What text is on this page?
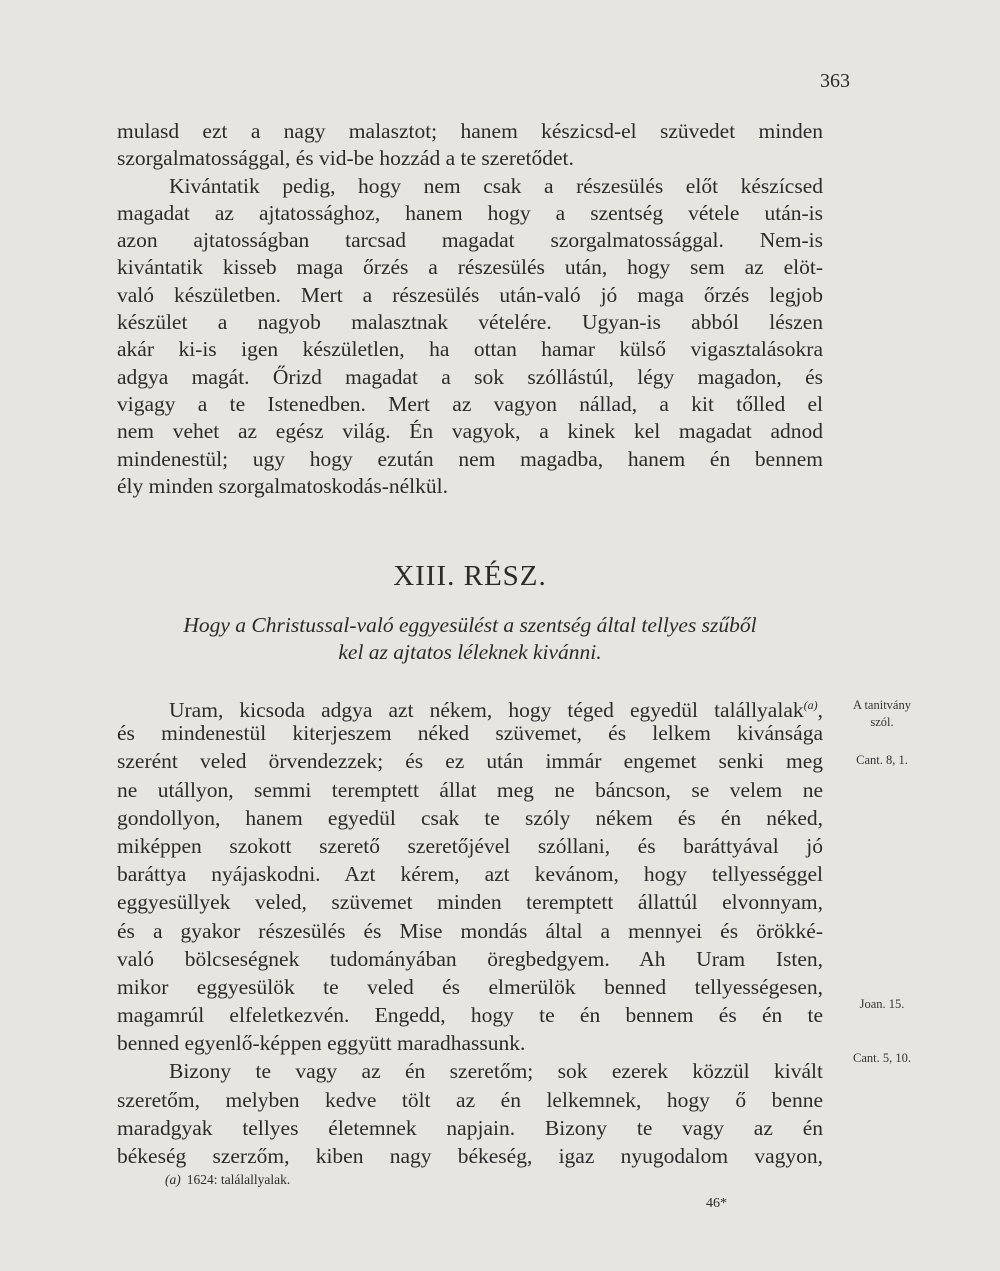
363
mulasd ezt a nagy malasztot; hanem készicsd-el szüvedet minden
szorgalmatossággal, és vid-be hozzád a te szeretődet.
Kivántatik pedig, hogy nem csak a részesülés előt készícsed
magadat az ajtatossághoz, hanem hogy a szentség vétele után-is
azon ajtatosságban tarcsad magadat szorgalmatossággal. Nem-is
kivántatik kisseb maga őrzés a részesülés után, hogy sem az elöt-
való készületben. Mert a részesülés után-való jó maga őrzés legjob
készület a nagyob malasztnak vételére. Ugyan-is abból lészen
akár ki-is igen készületlen, ha ottan hamar külső vigasztalásokra
adgya magát. Őrizd magadat a sok szóllástúl, légy magadon, és
vigagy a te Istenedben. Mert az vagyon nállad, a kit tőlled el
nem vehet az egész világ. Én vagyok, a kinek kel magadat adnod
mindenestül; ugy hogy ezután nem magadba, hanem én bennem
ély minden szorgalmatoskodás-nélkül.
XIII. RÉSZ.
Hogy a Christussal-való eggyesülést a szentség által tellyes szűből
kel az ajtatos léleknek kivánni.
Uram, kicsoda adgya azt nékem, hogy téged egyedül talállyalak$^{(a)}$,
és mindenestül kiterjeszem néked szüvemet, és lelkem kivánsága
szerént veled örvendezzek; és ez után immár engemet senki meg
ne utállyon, semmi teremptett állat meg ne báncson, se velem ne
gondollyon, hanem egyedül csak te szóly nékem és én néked,
miképpen szokott szerető szeretőjével szóllani, és baráttyával jó
baráttya nyájaskodni. Azt kérem, azt kevánom, hogy tellyességgel
eggyesüllyek veled, szüvemet minden teremptett állattúl elvonnyam,
és a gyakor részesülés és Mise mondás által a mennyei és örökké-
való bölcseségnek tudományában öregbedgyem. Ah Uram Isten,
mikor eggyesülök te veled és elmerülök benned tellyességesen,
magamrúl elfeletkezvén. Engedd, hogy te én bennem és én te
benned egyenlő-képpen eggyütt maradhassunk.
Bizony te vagy az én szeretőm; sok ezerek közzül kivált
szeretőm, melyben kedve tölt az én lelkemnek, hogy ő benne
maradgyak tellyes életemnek napjain. Bizony te vagy az én
békeség szerzőm, kiben nagy békeség, igaz nyugodalom vagyon,
A tanitvány
szól.
Cant. 8, 1.
Joan. 15.
Cant. 5, 10.
(a) 1624: találallyalak.
46*
